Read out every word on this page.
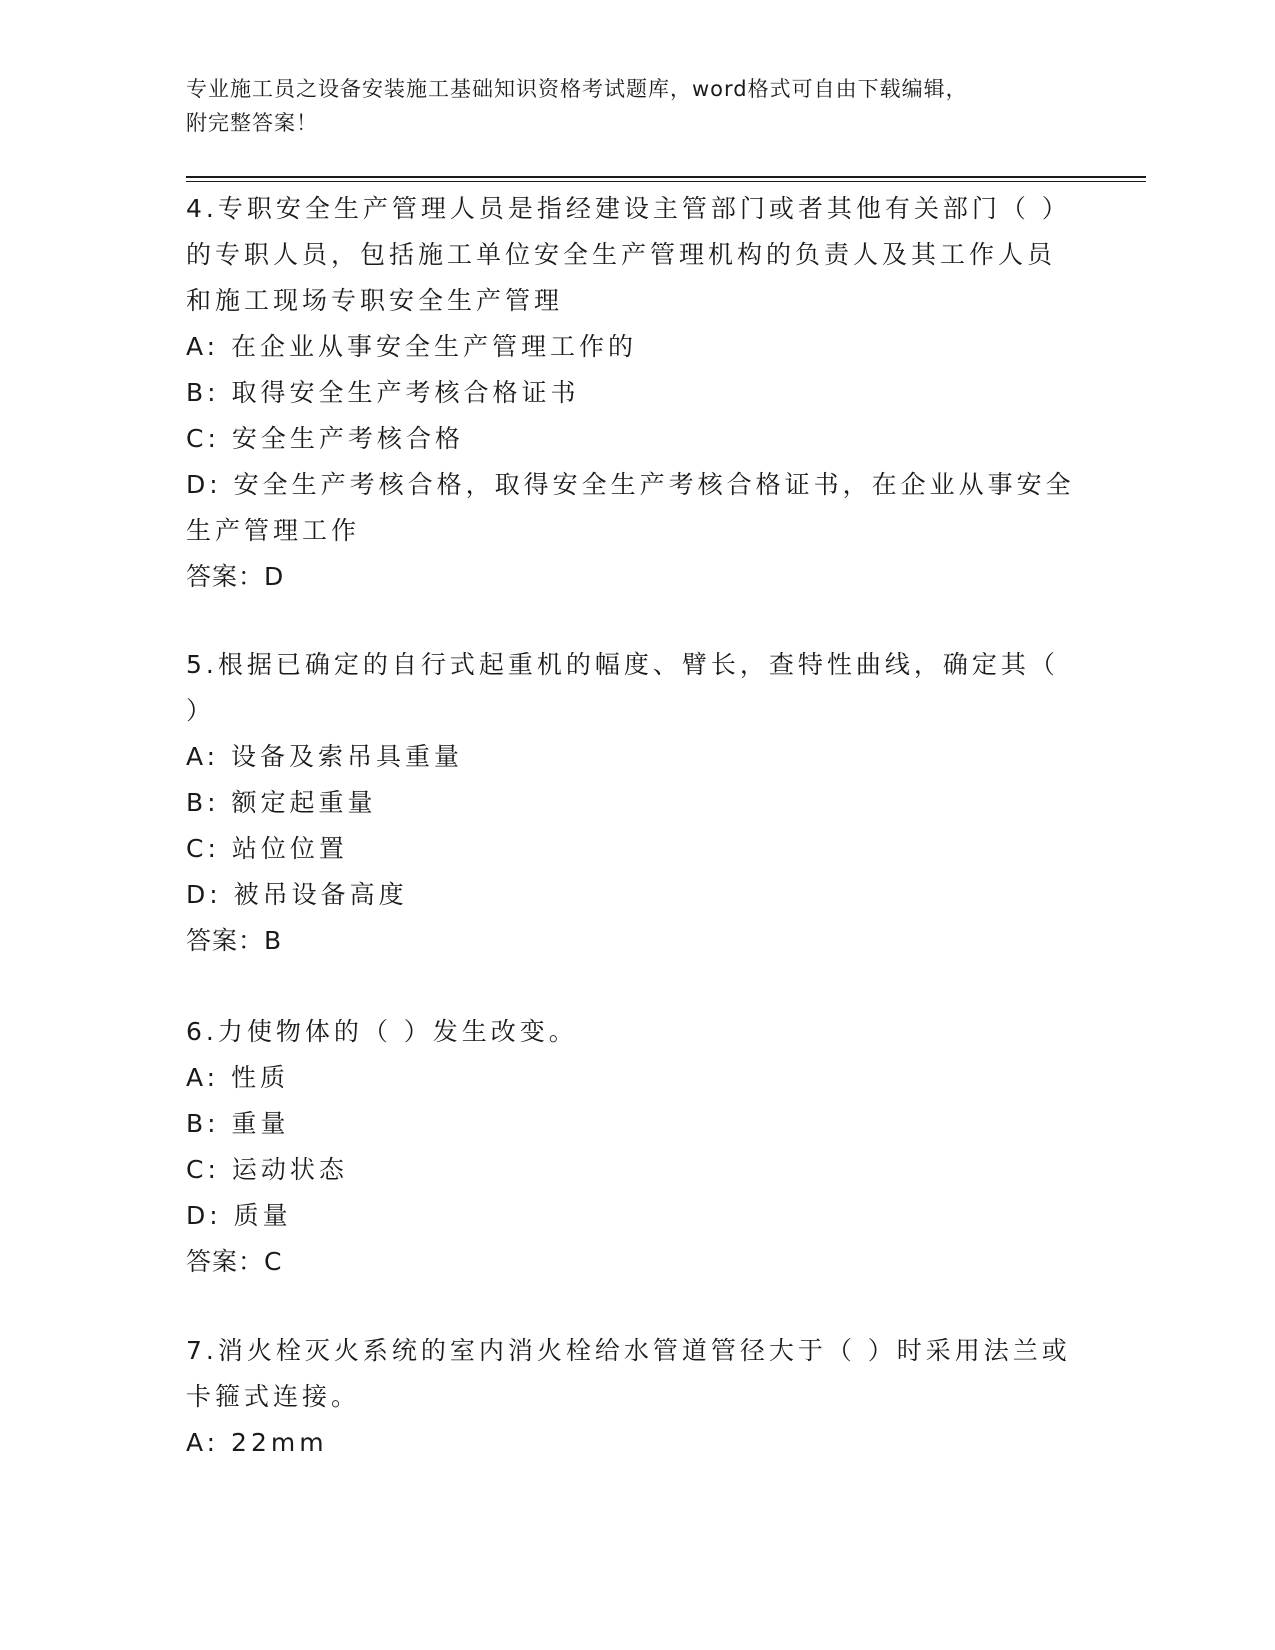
专业施工员之设备安装施工基础知识资格考试题库，word格式可自由下载编辑，
附完整答案！

4.专职安全生产管理人员是指经建设主管部门或者其他有关部门（ ）

的专职人员，包括施工单位安全生产管理机构的负责人及其工作人员

和施工现场专职安全生产管理

A: 在企业从事安全生产管理工作的

B: 取得安全生产考核合格证书

C: 安全生产考核合格

D: 安全生产考核合格，取得安全生产考核合格证书，在企业从事安全

生产管理工作

答案：D

5.根据已确定的自行式起重机的幅度、臂长，查特性曲线，确定其（

）

A: 设备及索吊具重量

B: 额定起重量

C: 站位位置

D: 被吊设备高度

答案：B

6.力使物体的（ ）发生改变。

A: 性质

B: 重量

C: 运动状态

D: 质量

答案：C

7.消火栓灭火系统的室内消火栓给水管道管径大于（ ）时采用法兰或

卡箍式连接。

A: 22mm
